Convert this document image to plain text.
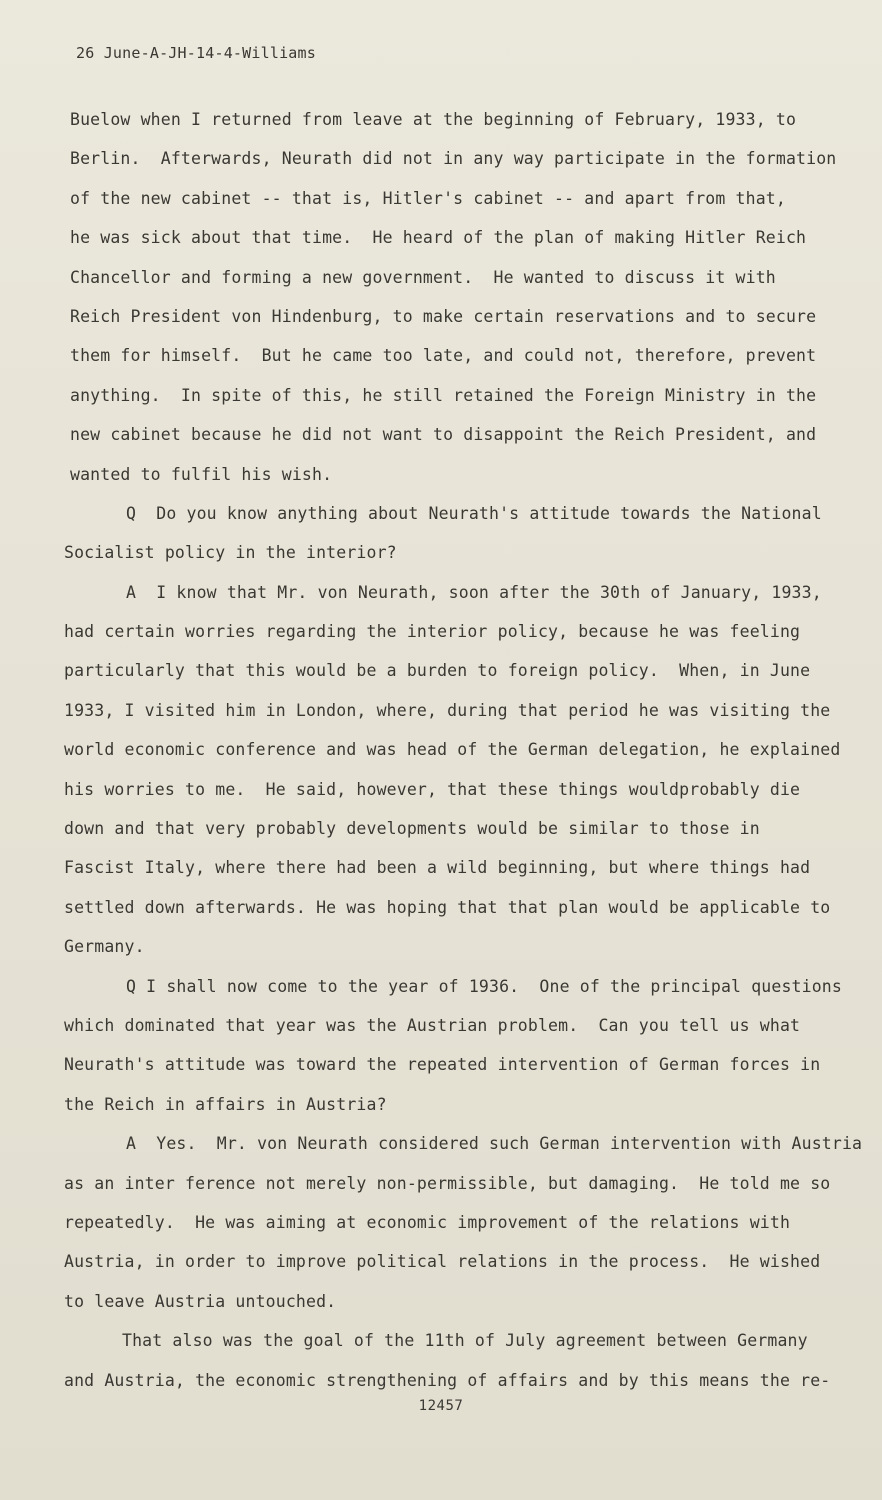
26 June-A-JH-14-4-Williams
Buelow when I returned from leave at the beginning of February, 1933, to
Berlin.  Afterwards, Neurath did not in any way participate in the formation
of the new cabinet -- that is, Hitler's cabinet -- and apart from that,
he was sick about that time.  He heard of the plan of making Hitler Reich
Chancellor and forming a new government.  He wanted to discuss it with
Reich President von Hindenburg, to make certain reservations and to secure
them for himself.  But he came too late, and could not, therefore, prevent
anything.  In spite of this, he still retained the Foreign Ministry in the
new cabinet because he did not want to disappoint the Reich President, and
wanted to fulfil his wish.
Q  Do you know anything about Neurath's attitude towards the National
Socialist policy in the interior?
A  I know that Mr. von Neurath, soon after the 30th of January, 1933,
had certain worries regarding the interior policy, because he was feeling
particularly that this would be a burden to foreign policy.  When, in June
1933, I visited him in London, where, during that period he was visiting the
world economic conference and was head of the German delegation, he explained
his worries to me.  He said, however, that these things wouldprobably die
down and that very probably developments would be similar to those in
Fascist Italy, where there had been a wild beginning, but where things had
settled down afterwards. He was hoping that that plan would be applicable to
Germany.
Q I shall now come to the year of 1936.  One of the principal questions
which dominated that year was the Austrian problem.  Can you tell us what
Neurath's attitude was toward the repeated intervention of German forces in
the Reich in affairs in Austria?
A  Yes.  Mr. von Neurath considered such German intervention with Austria
as an inter ference not merely non-permissible, but damaging.  He told me so
repeatedly.  He was aiming at economic improvement of the relations with
Austria, in order to improve political relations in the process.  He wished
to leave Austria untouched.
That also was the goal of the 11th of July agreement between Germany
and Austria, the economic strengthening of affairs and by this means the re-
12457
